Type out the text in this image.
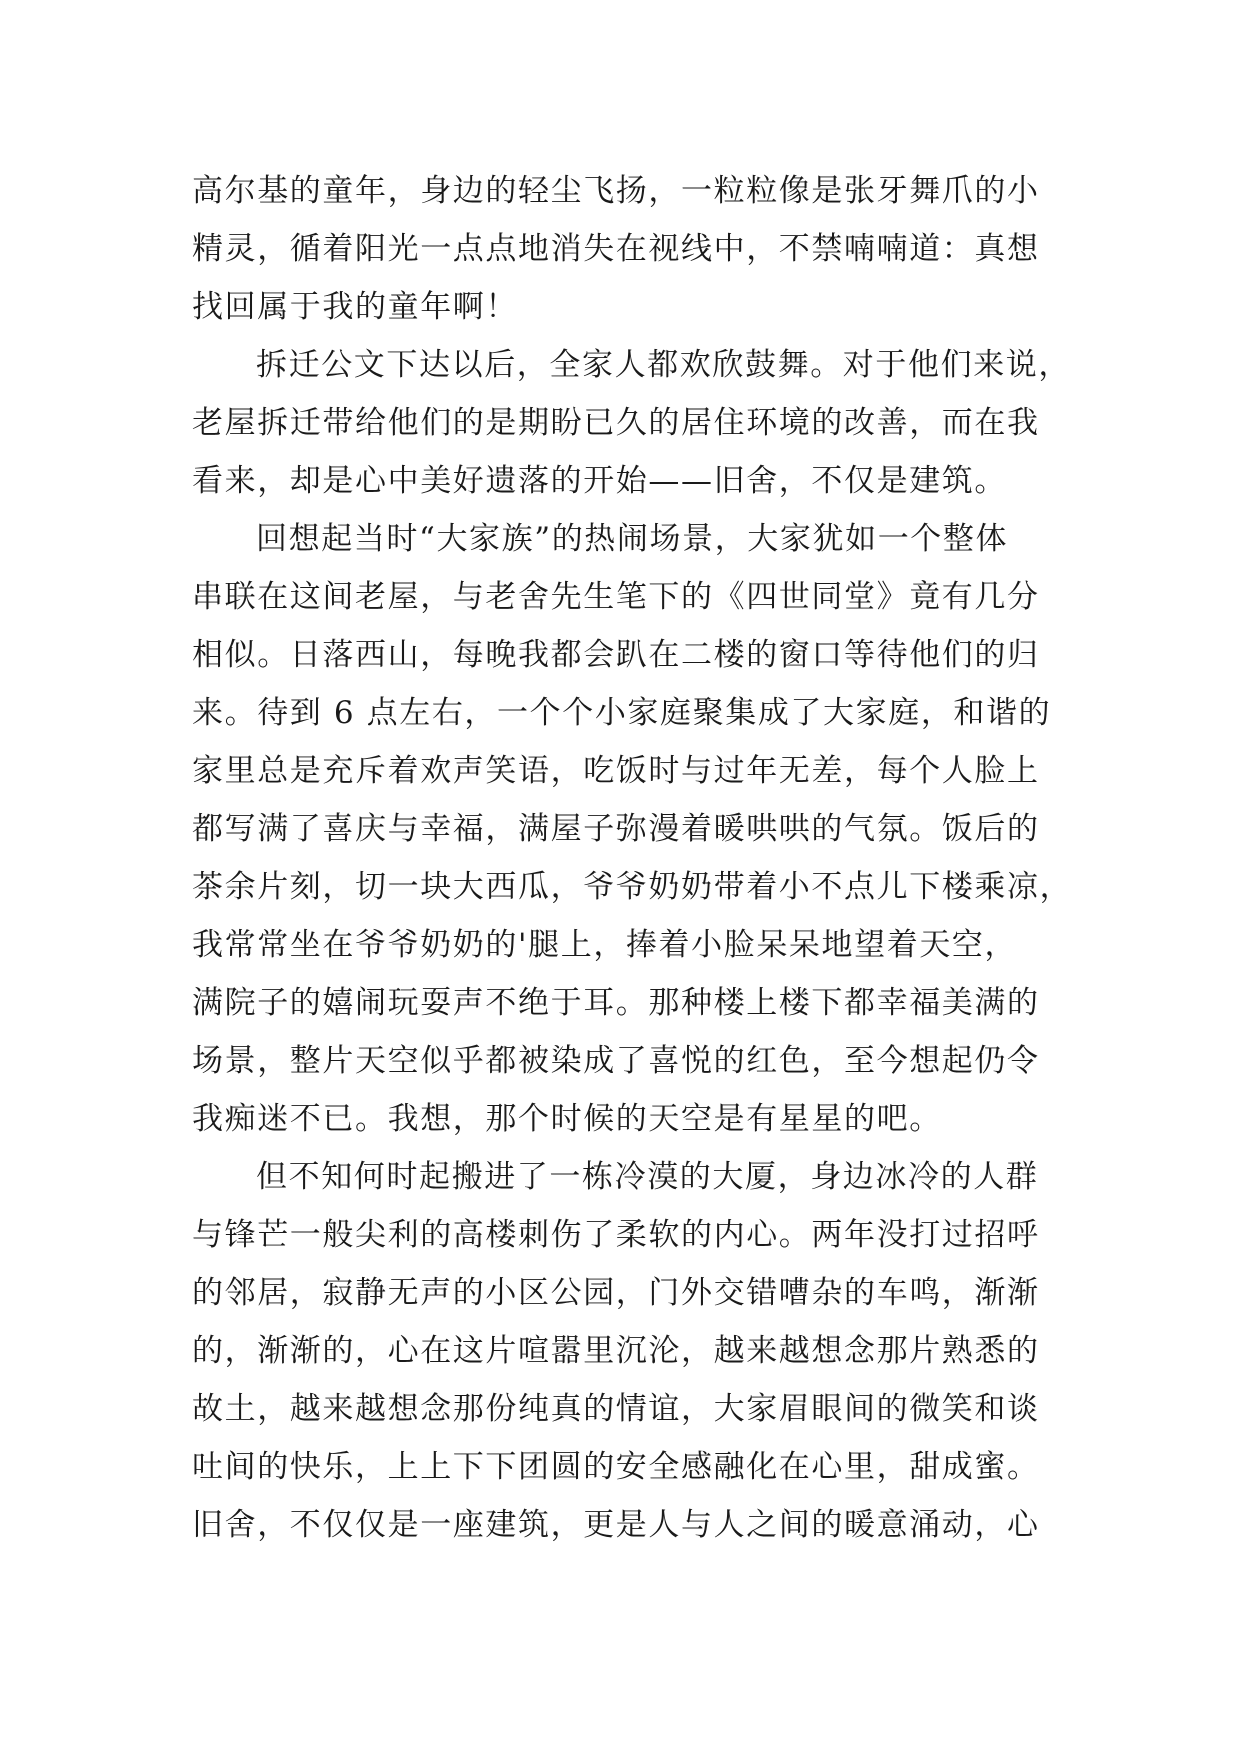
高尔基的童年，身边的轻尘飞扬，一粒粒像是张牙舞爪的小
精灵，循着阳光一点点地消失在视线中，不禁喃喃道：真想
找回属于我的童年啊！
拆迁公文下达以后，全家人都欢欣鼓舞。对于他们来说，
老屋拆迁带给他们的是期盼已久的居住环境的改善，而在我
看来，却是心中美好遗落的开始——旧舍，不仅是建筑。
回想起当时“大家族”的热闹场景，大家犹如一个整体
串联在这间老屋，与老舍先生笔下的《四世同堂》竟有几分
相似。日落西山，每晚我都会趴在二楼的窗口等待他们的归
来。待到 6 点左右，一个个小家庭聚集成了大家庭，和谐的
家里总是充斥着欢声笑语，吃饭时与过年无差，每个人脸上
都写满了喜庆与幸福，满屋子弥漫着暖哄哄的气氛。饭后的
茶余片刻，切一块大西瓜，爷爷奶奶带着小不点儿下楼乘凉，
我常常坐在爷爷奶奶的'腿上，捧着小脸呆呆地望着天空，
满院子的嬉闹玩耍声不绝于耳。那种楼上楼下都幸福美满的
场景，整片天空似乎都被染成了喜悦的红色，至今想起仍令
我痴迷不已。我想，那个时候的天空是有星星的吧。
但不知何时起搬进了一栋冷漠的大厦，身边冰冷的人群
与锋芒一般尖利的高楼刺伤了柔软的内心。两年没打过招呼
的邻居，寂静无声的小区公园，门外交错嘈杂的车鸣，渐渐
的，渐渐的，心在这片喧嚣里沉沦，越来越想念那片熟悉的
故土，越来越想念那份纯真的情谊，大家眉眼间的微笑和谈
吐间的快乐，上上下下团圆的安全感融化在心里，甜成蜜。
旧舍，不仅仅是一座建筑，更是人与人之间的暖意涌动，心
